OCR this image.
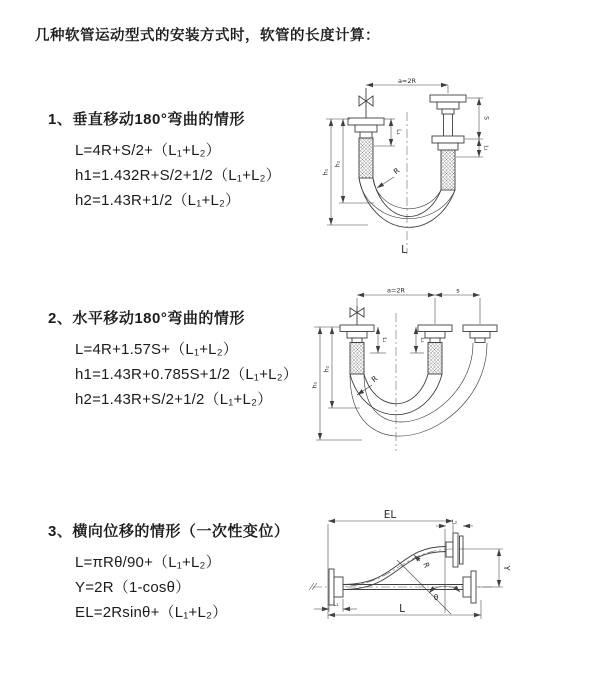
几种软管运动型式的安装方式时，软管的长度计算：
1、垂直移动180°弯曲的情形
L=4R+S/2+（L₁+L₂）
h1=1.432R+S/2+1/2（L₁+L₂）
h2=1.43R+1/2（L₁+L₂）
2、水平移动180°弯曲的情形
L=4R+1.57S+（L₁+L₂）
h1=1.43R+0.785S+1/2（L₁+L₂）
h2=1.43R+S/2+1/2（L₁+L₂）
3、横向位移的情形（一次性变位）
L=πRθ/90+（L₁+L₂）
Y=2R（1-cosθ）
EL=2Rsinθ+（L₁+L₂）
a=2R
L₁
S
L₂
h₁
h₂
R
L
a=2R	s
h₁
h₂
L₁	L₂
R
EL
L₂
Y
L
L₁
θ
R
